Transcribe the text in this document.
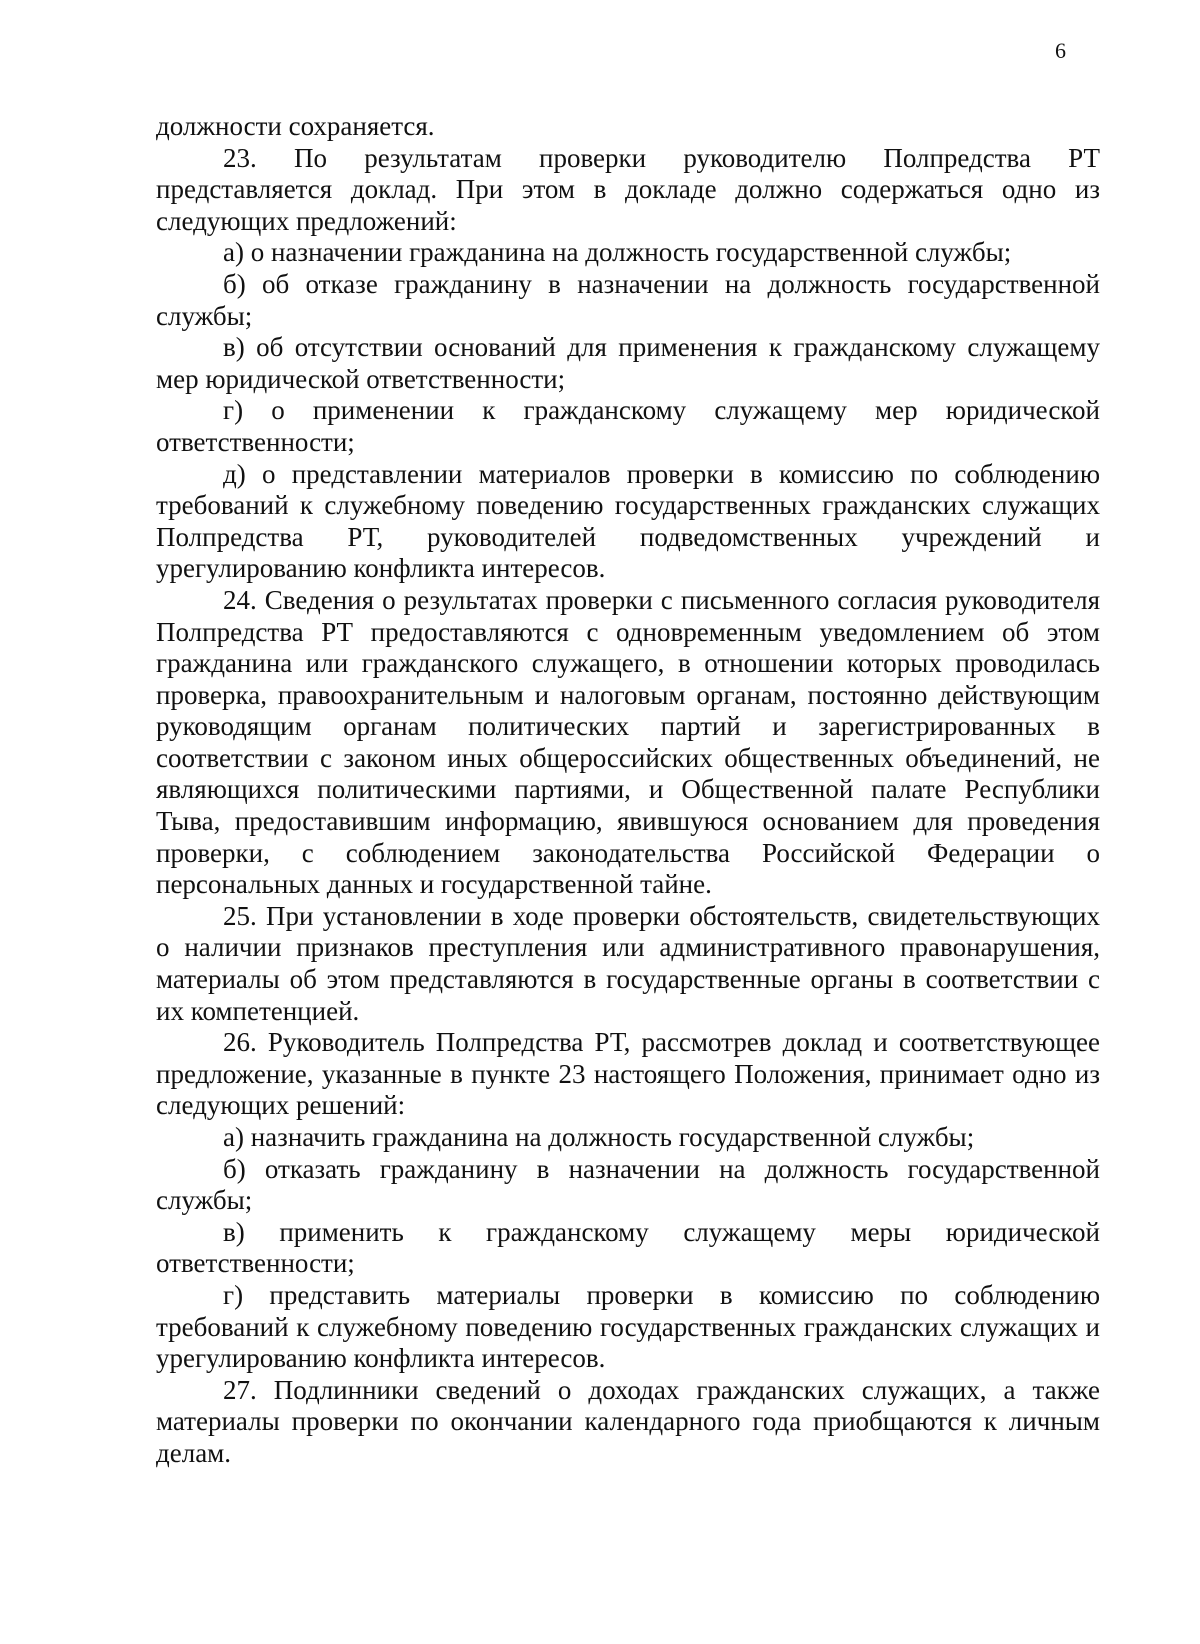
6

должности сохраняется.

23. По результатам проверки руководителю Полпредства РТ представляется доклад. При этом в докладе должно содержаться одно из следующих предложений:

а) о назначении гражданина на должность государственной службы;

б) об отказе гражданину в назначении на должность государственной службы;

в) об отсутствии оснований для применения к гражданскому служащему мер юридической ответственности;

г) о применении к гражданскому служащему мер юридической ответственности;

д) о представлении материалов проверки в комиссию по соблюдению требований к служебному поведению государственных гражданских служащих Полпредства РТ, руководителей подведомственных учреждений и урегулированию конфликта интересов.

24. Сведения о результатах проверки с письменного согласия руководителя Полпредства РТ предоставляются с одновременным уведомлением об этом гражданина или гражданского служащего, в отношении которых проводилась проверка, правоохранительным и налоговым органам, постоянно действующим руководящим органам политических партий и зарегистрированных в соответствии с законом иных общероссийских общественных объединений, не являющихся политическими партиями, и Общественной палате Республики Тыва, предоставившим информацию, явившуюся основанием для проведения проверки, с соблюдением законодательства Российской Федерации о персональных данных и государственной тайне.

25. При установлении в ходе проверки обстоятельств, свидетельствующих о наличии признаков преступления или административного правонарушения, материалы об этом представляются в государственные органы в соответствии с их компетенцией.

26. Руководитель Полпредства РТ, рассмотрев доклад и соответствующее предложение, указанные в пункте 23 настоящего Положения, принимает одно из следующих решений:

а) назначить гражданина на должность государственной службы;

б) отказать гражданину в назначении на должность государственной службы;

в) применить к гражданскому служащему меры юридической ответственности;

г) представить материалы проверки в комиссию по соблюдению требований к служебному поведению государственных гражданских служащих и урегулированию конфликта интересов.

27. Подлинники сведений о доходах гражданских служащих, а также материалы проверки по окончании календарного года приобщаются к личным делам.
